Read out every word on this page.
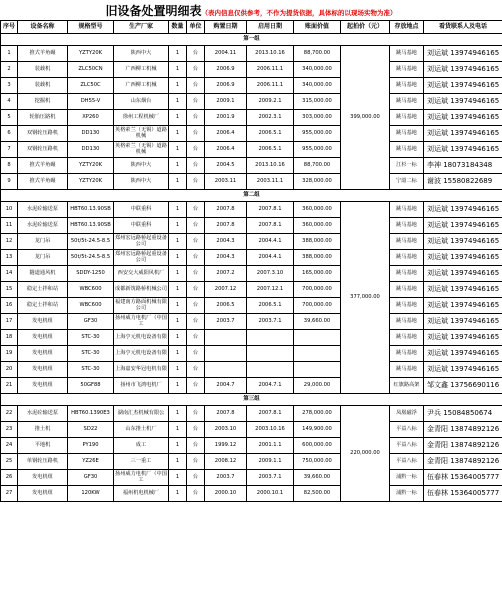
旧设备处置明细表（表内信息仅供参考，不作为提货依据，具体标的以现场实物为准）
序号	设备名称	规格型号	生产厂家	数量	单位	购置日期	启用日期	账面价值	起拍价（元）	存放地点	看货联系人及电话
第一组											
1	推式羊角碾	YZTY20K	陕西中大	1	台	2004.11	2013.10.16	88,700.00	399,000.00	跳马基地	刘运斌 13974946165
2	装载机	ZLC50CN	广西柳工机械	1	台	2006.9	2006.11.1	340,000.00		跳马基地	刘运斌 13974946165
3	装载机	ZLC50C	广西柳工机械	1	台	2006.9	2006.11.1	340,000.00		跳马基地	刘运斌 13974946165
4	挖掘机	DH55-V	山东烟台	1	台	2009.1	2009.2.1	315,000.00		跳马基地	刘运斌 13974946165
5	轮胎压路机	XP260	徐州工程机械厂	1	台	2001.9	2002.3.1	303,000.00		跳马基地	刘运斌 13974946165
6	双钢轮压路机	DD130	英格索兰（无锡）道路机械	1	台	2006.4	2006.5.1	955,000.00		跳马基地	刘运斌 13974946165
7	双钢轮压路机	DD130	英格索兰（无锡）道路机械	1	台	2006.4	2006.5.1	955,000.00		跳马基地	刘运斌 13974946165
8	推式羊角碾	YZTY20K	陕西中大	1	台	2004.5	2013.10.16	88,700.00		江杉一标	李神 18073184348
9	推式羊角碾	YZTY20K	陕西中大	1	台	2003.11	2003.11.1	328,000.00		宁韶二标	谢波 15580822689
第二组											
10	水泥砼输送泵	HBT60.13.90SB	中联重科	1	台	2007.8	2007.8.1	360,000.00	377,000.00	跳马基地	刘运斌 13974946165
11	水泥砼输送泵	HBT60.13.90SB	中联重科	1	台	2007.8	2007.8.1	360,000.00		跳马基地	刘运斌 13974946165
12	龙门吊	50t/5t-24.5-8.5	郑州宏远路桥起重设备公司	1	台	2004.3	2004.4.1	388,000.00		跳马基地	刘运斌 13974946165
13	龙门吊	50t/5t-24.5-8.5	郑州宏远路桥起重设备公司	1	台	2004.3	2004.4.1	388,000.00		跳马基地	刘运斌 13974946165
14	隧道通风机	SDDY-1250	西安交大威阳风机厂	1	台	2007.2	2007.3.10	165,000.00		跳马基地	刘运斌 13974946165
15	稳定土拌和站	WBC600	成都新筑路桥机械公司	1	台	2007.12	2007.12.1	700,000.00		跳马基地	刘运斌 13974946165
16	稳定土拌和站	WBC600	福建南方路面机械有限公司	1	台	2006.5	2006.5.1	700,000.00		跳马基地	刘运斌 13974946165
17	发电机组	GF30	扬州威力电机厂（中国工	1	台	2003.7	2003.7.1	39,660.00		跳马基地	刘运斌 13974946165
18	发电机组	STC-30	上海亨元机电设备有限	1	台					跳马基地	刘运斌 13974946165
19	发电机组	STC-30	上海亨元机电设备有限	1	台					跳马基地	刘运斌 13974946165
20	发电机组	STC-30	上海嘉安华冠电机有限	1	台					跳马基地	刘运斌 13974946165
21	发电机组	50GF88	扬州市飞鸿电机厂	1	台	2004.7	2004.7.1	29,000.00		红旗路高架	邹文鑫 13756690116
第三组											
22	水泥砼输送泵	HBT60.1390E3	湖南汇杰机械有限公	1	台	2007.8	2007.8.1	278,000.00	220,000.00	凤凰磁浮	尹兵 15084850674
23	推土机	SD22	山东推土机厂	1	台	2003.10	2003.10.16	149,900.00		平益八标	金青阳 13874892126
24	平地机	PY190	成工	1	台	1999.12	2001.1.1	600,000.00		平益八标	金青阳 13874892126
25	单钢轮压路机	YZ26E	三一重工	1	台	2008.12	2009.1.1	750,000.00		平益八标	金青阳 13874892126
26	发电机组	GF30	扬州威力电机厂（中国工	1	台	2003.7	2003.7.1	39,660.00		浦黔一标	伍春林 15364005777
27	发电机组	120KW	福州机电机械厂	1	台	2000.10	2000.10.1	82,500.00		浦黔一标	伍春林 15364005777
